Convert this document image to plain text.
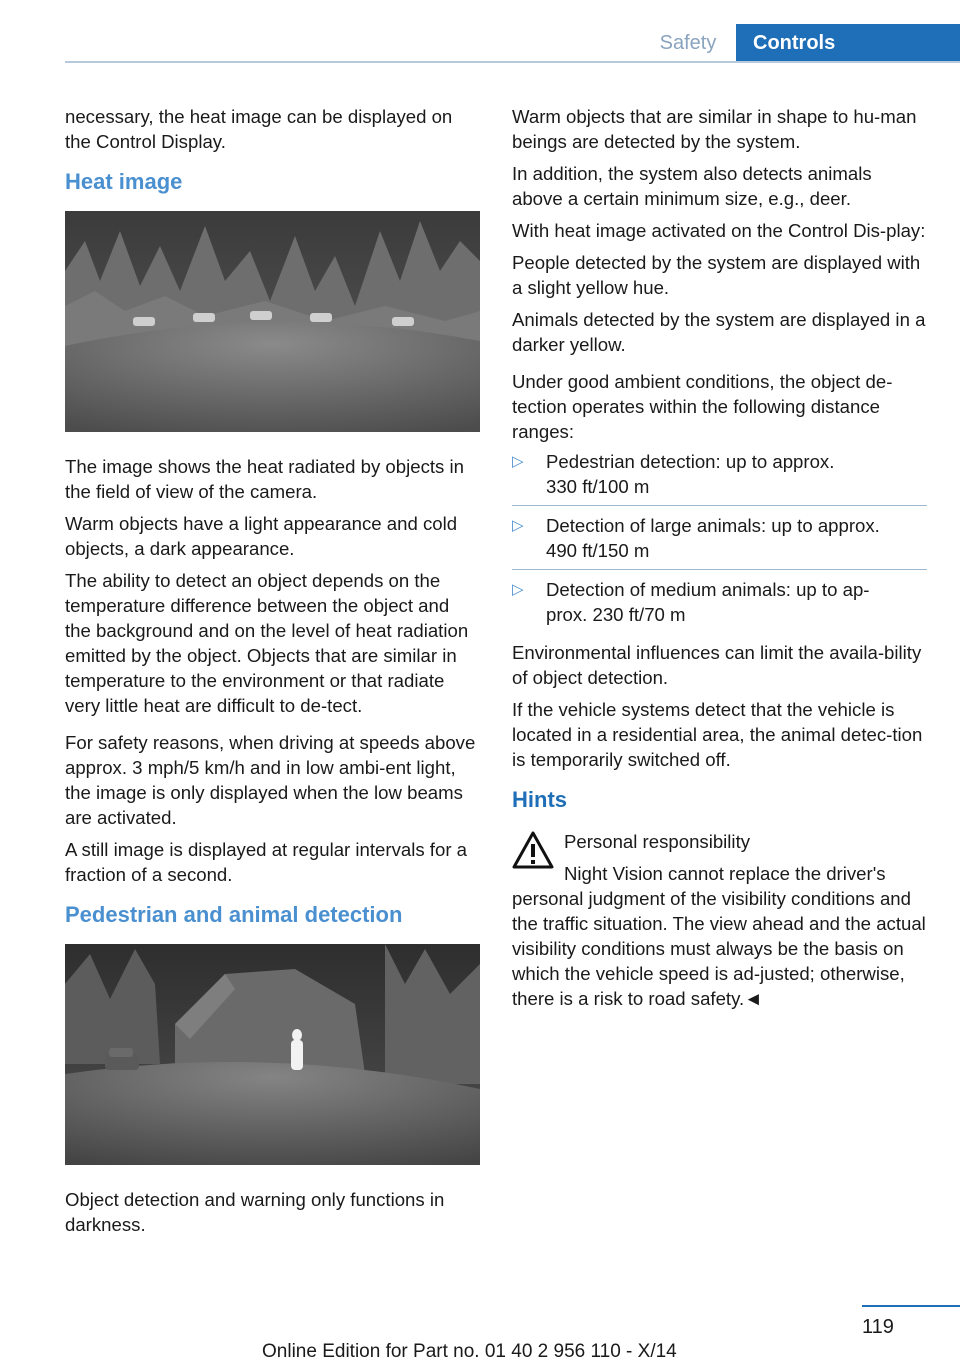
Safety	Controls

necessary, the heat image can be displayed on the Control Display.

Heat image

The image shows the heat radiated by objects in the field of view of the camera.

Warm objects have a light appearance and cold objects, a dark appearance.

The ability to detect an object depends on the temperature difference between the object and the background and on the level of heat radiation emitted by the object. Objects that are similar in temperature to the environment or that radiate very little heat are difficult to de-tect.

For safety reasons, when driving at speeds above approx. 3 mph/5 km/h and in low ambi-ent light, the image is only displayed when the low beams are activated.

A still image is displayed at regular intervals for a fraction of a second.

Pedestrian and animal detection

Object detection and warning only functions in darkness.

Warm objects that are similar in shape to hu-man beings are detected by the system.

In addition, the system also detects animals above a certain minimum size, e.g., deer.

With heat image activated on the Control Dis-play:

People detected by the system are displayed with a slight yellow hue.

Animals detected by the system are displayed in a darker yellow.

Under good ambient conditions, the object de-tection operates within the following distance ranges:

▷ Pedestrian detection: up to approx.
330 ft/100 m
▷ Detection of large animals: up to approx.
490 ft/150 m
▷ Detection of medium animals: up to ap-
prox. 230 ft/70 m

Environmental influences can limit the availa-bility of object detection.

If the vehicle systems detect that the vehicle is located in a residential area, the animal detec-tion is temporarily switched off.

Hints

Personal responsibility

Night Vision cannot replace the driver's
personal judgment of the visibility conditions and the traffic situation. The view ahead and the actual visibility conditions must always be the basis on which the vehicle speed is ad-justed; otherwise, there is a risk to road safety.◄
119
Online Edition for Part no. 01 40 2 956 110 - X/14
